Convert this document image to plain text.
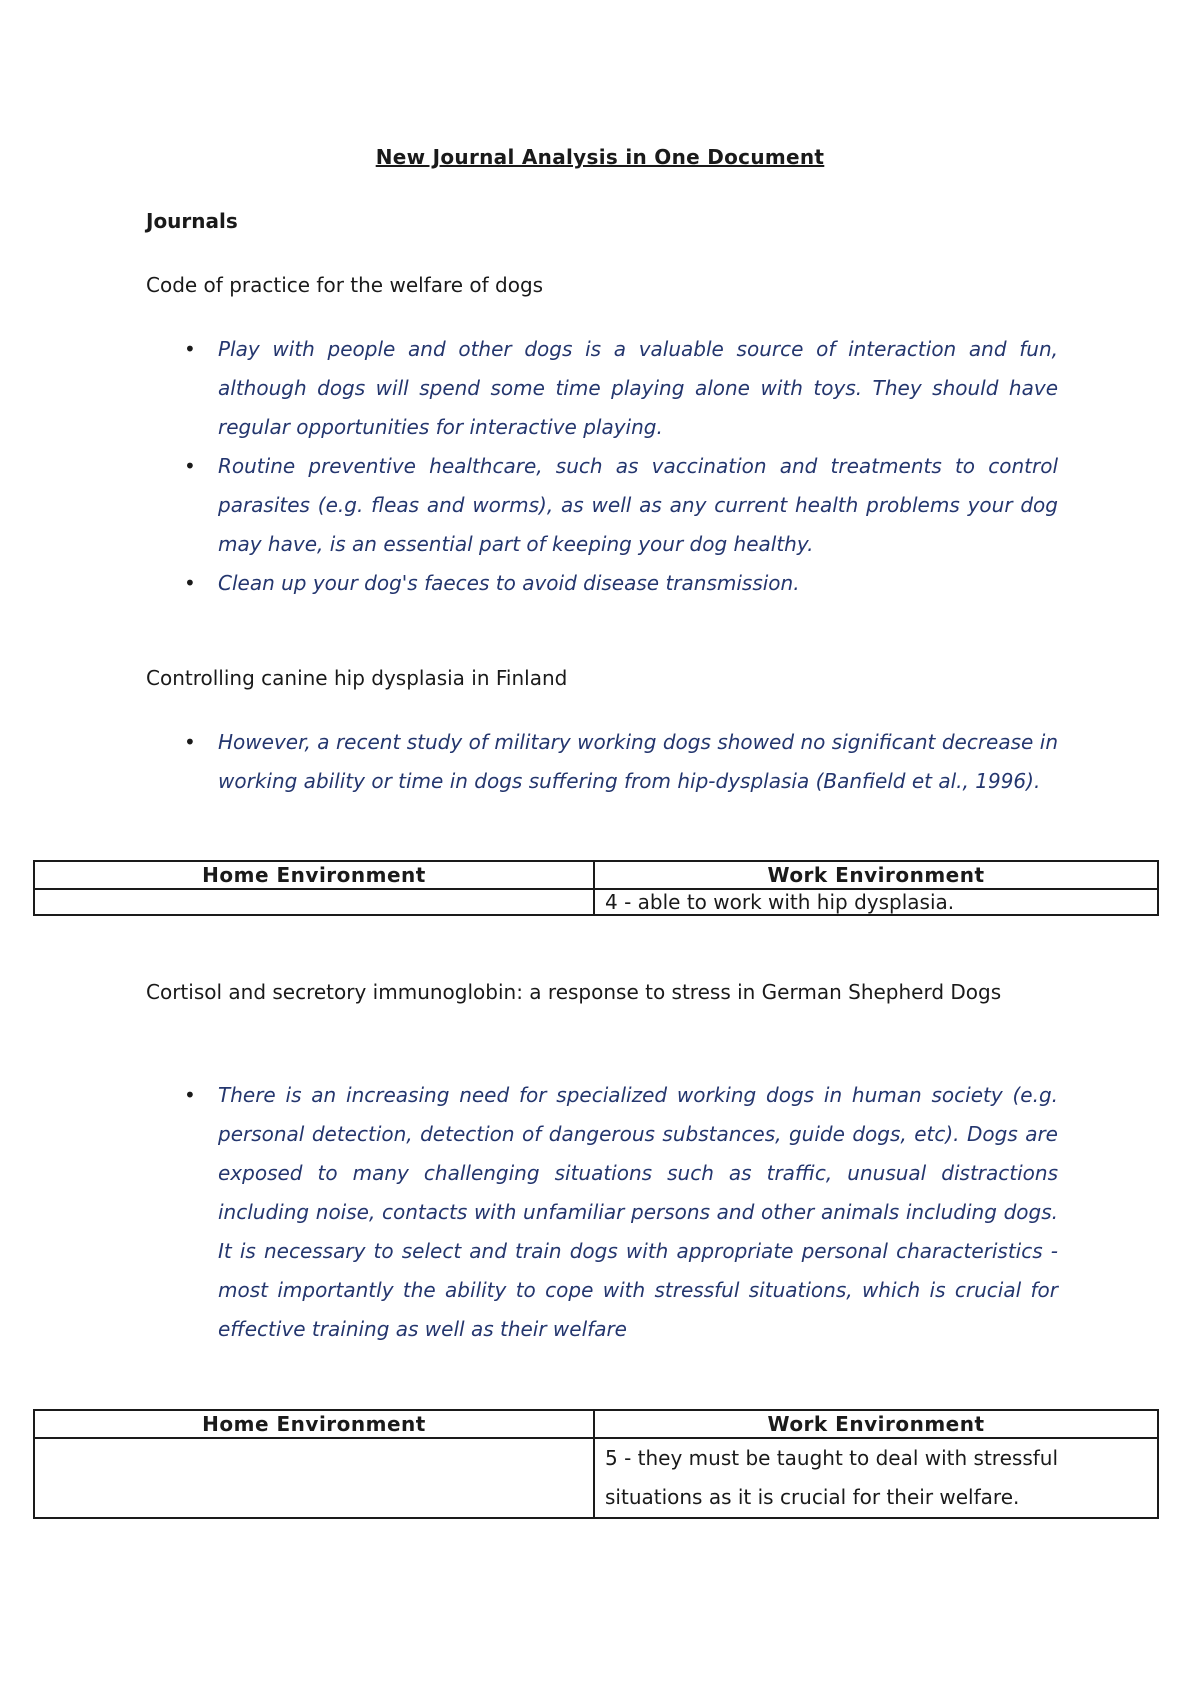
New Journal Analysis in One Document
Journals
Code of practice for the welfare of dogs
• Play with people and other dogs is a valuable source of interaction and fun, although dogs will spend some time playing alone with toys. They should have regular opportunities for interactive playing.
• Routine preventive healthcare, such as vaccination and treatments to control parasites (e.g. fleas and worms), as well as any current health problems your dog may have, is an essential part of keeping your dog healthy.
• Clean up your dog's faeces to avoid disease transmission.
Controlling canine hip dysplasia in Finland
• However, a recent study of military working dogs showed no significant decrease in working ability or time in dogs suffering from hip-dysplasia (Banfield et al., 1996).
Home Environment	Work Environment
	4 - able to work with hip dysplasia.
Cortisol and secretory immunoglobin: a response to stress in German Shepherd Dogs
• There is an increasing need for specialized working dogs in human society (e.g. personal detection, detection of dangerous substances, guide dogs, etc). Dogs are exposed to many challenging situations such as traffic, unusual distractions including noise, contacts with unfamiliar persons and other animals including dogs. It is necessary to select and train dogs with appropriate personal characteristics - most importantly the ability to cope with stressful situations, which is crucial for effective training as well as their welfare
Home Environment	Work Environment
	5 - they must be taught to deal with stressful situations as it is crucial for their welfare.
